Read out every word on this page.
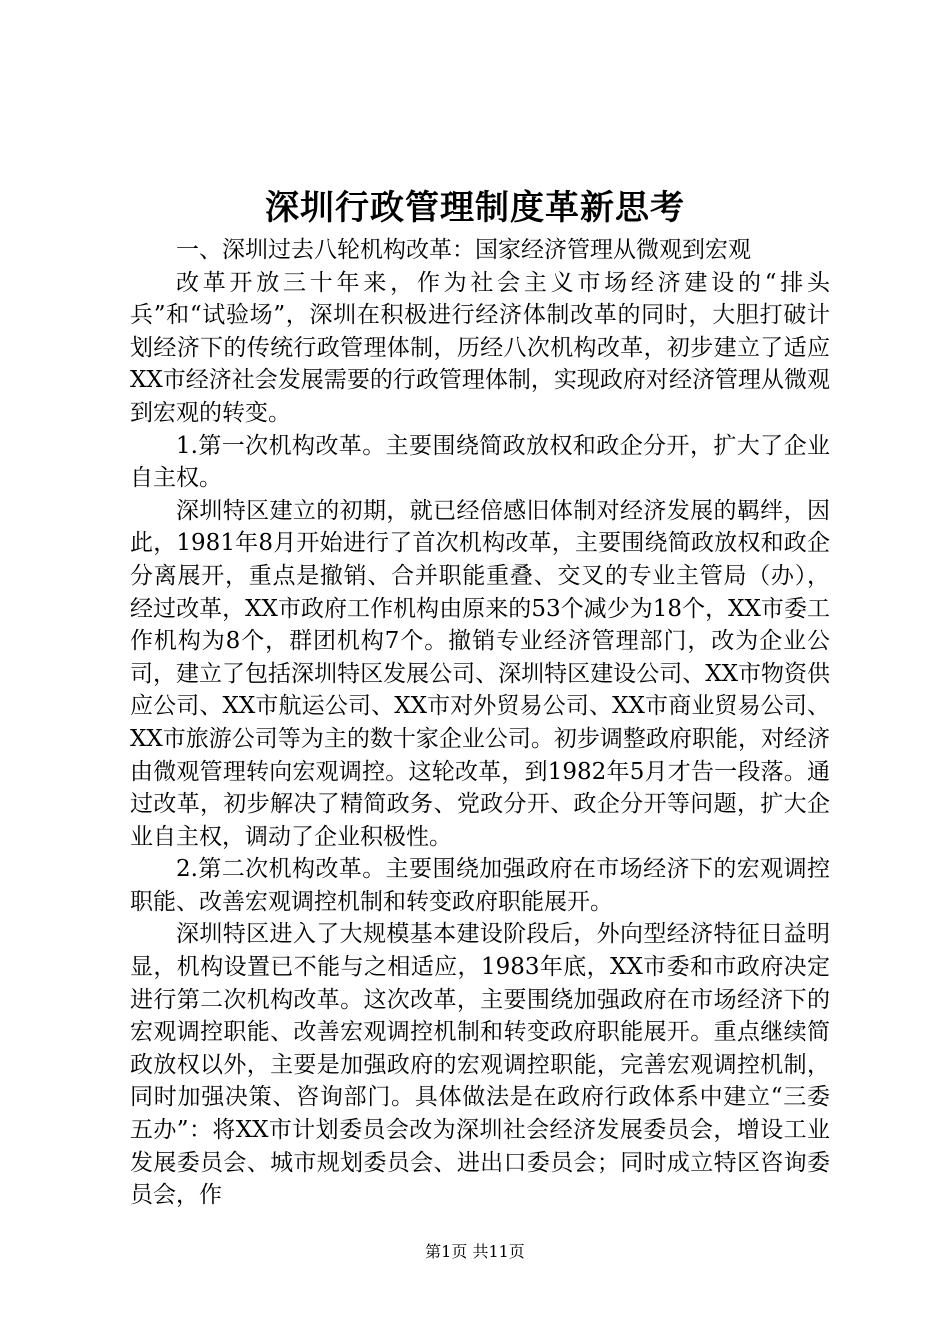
深圳行政管理制度革新思考

一、深圳过去八轮机构改革：国家经济管理从微观到宏观

改革开放三十年来，作为社会主义市场经济建设的“排头兵”和“试验场”，深圳在积极进行经济体制改革的同时，大胆打破计划经济下的传统行政管理体制，历经八次机构改革，初步建立了适应XX市经济社会发展需要的行政管理体制，实现政府对经济管理从微观到宏观的转变。

1.第一次机构改革。主要围绕简政放权和政企分开，扩大了企业自主权。

深圳特区建立的初期，就已经倍感旧体制对经济发展的羁绊，因此，1981年8月开始进行了首次机构改革，主要围绕简政放权和政企分离展开，重点是撤销、合并职能重叠、交叉的专业主管局（办），经过改革，XX市政府工作机构由原来的53个减少为18个，XX市委工作机构为8个，群团机构7个。撤销专业经济管理部门，改为企业公司，建立了包括深圳特区发展公司、深圳特区建设公司、XX市物资供应公司、XX市航运公司、XX市对外贸易公司、XX市商业贸易公司、XX市旅游公司等为主的数十家企业公司。初步调整政府职能，对经济由微观管理转向宏观调控。这轮改革，到1982年5月才告一段落。通过改革，初步解决了精简政务、党政分开、政企分开等问题，扩大企业自主权，调动了企业积极性。

2.第二次机构改革。主要围绕加强政府在市场经济下的宏观调控职能、改善宏观调控机制和转变政府职能展开。

深圳特区进入了大规模基本建设阶段后，外向型经济特征日益明显，机构设置已不能与之相适应，1983年底，XX市委和市政府决定进行第二次机构改革。这次改革，主要围绕加强政府在市场经济下的宏观调控职能、改善宏观调控机制和转变政府职能展开。重点继续简政放权以外，主要是加强政府的宏观调控职能，完善宏观调控机制，同时加强决策、咨询部门。具体做法是在政府行政体系中建立“三委五办”：将XX市计划委员会改为深圳社会经济发展委员会，增设工业发展委员会、城市规划委员会、进出口委员会；同时成立特区咨询委员会，作

第1页 共11页
